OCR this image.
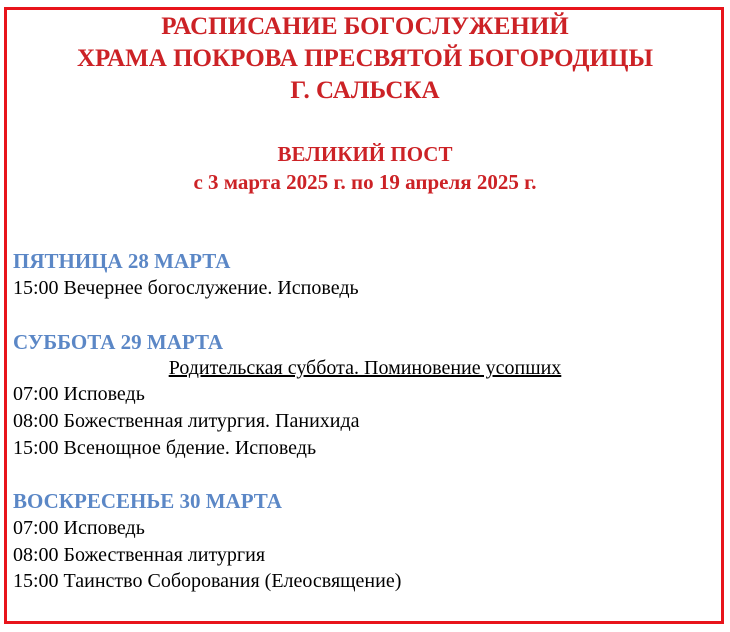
РАСПИСАНИЕ БОГОСЛУЖЕНИЙ
ХРАМА ПОКРОВА ПРЕСВЯТОЙ БОГОРОДИЦЫ
Г. САЛЬСКА
ВЕЛИКИЙ ПОСТ
с 3 марта 2025 г. по 19 апреля 2025 г.
ПЯТНИЦА 28 МАРТА
15:00 Вечернее богослужение. Исповедь
СУББОТА 29 МАРТА
Родительская суббота. Поминовение усопших
07:00 Исповедь
08:00 Божественная литургия. Панихида
15:00 Всенощное бдение. Исповедь
ВОСКРЕСЕНЬЕ 30 МАРТА
07:00 Исповедь
08:00 Божественная литургия
15:00 Таинство Соборования (Елеосвящение)
